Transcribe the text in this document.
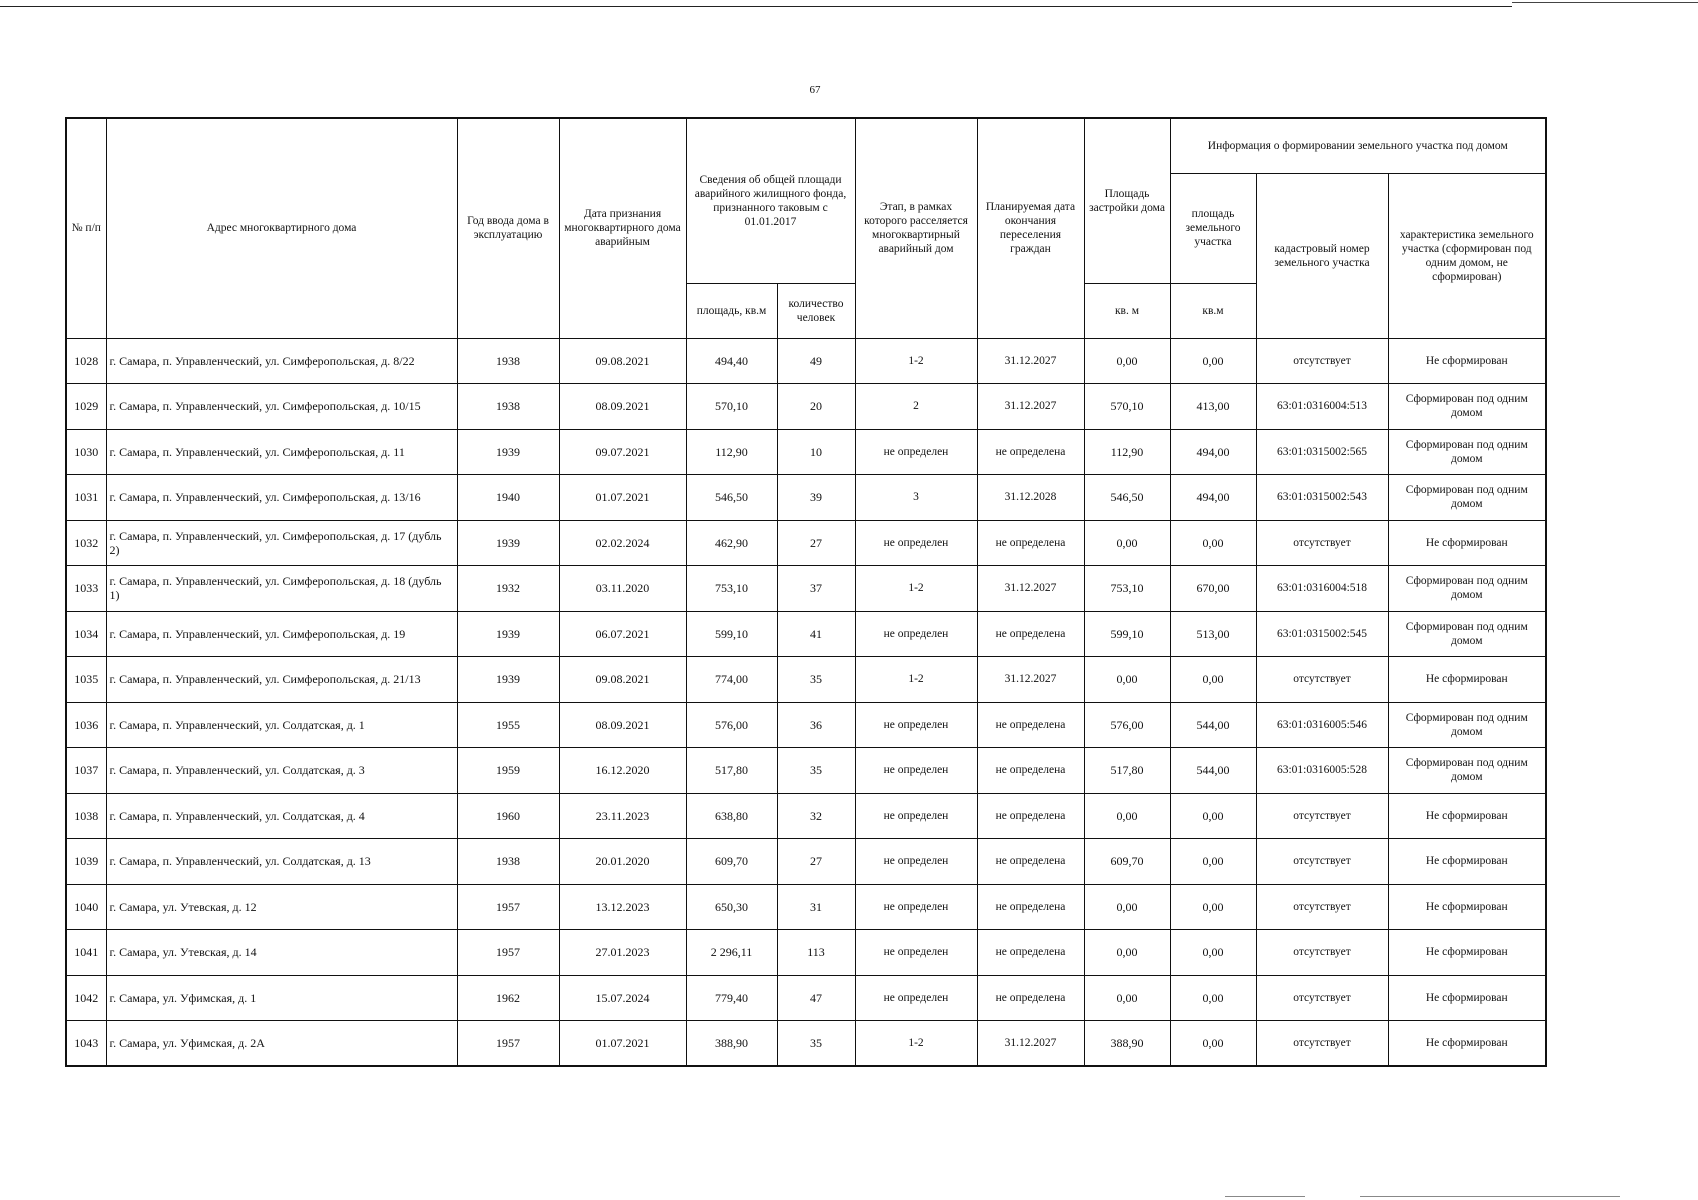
67
№ п/п	Адрес многоквартирного дома	Год ввода дома в эксплуатацию	Дата признания многоквартирного дома аварийным	Сведения об общей площади аварийного жилищного фонда, признанного таковым с 01.01.2017		Этап, в рамках которого расселяется многоквартирный аварийный дом	Планируемая дата окончания переселения граждан	Площадь застройки дома	Информация о формировании земельного участка под домом		
									площадь земельного участка	кадастровый номер земельного участка	характеристика земельного участка (сформирован под одним домом, не сформирован)
				площадь, кв.м	количество человек			кв. м	кв.м		
1028	г. Самара, п. Управленческий, ул. Симферопольская, д. 8/22	1938	09.08.2021	494,40	49	1-2	31.12.2027	0,00	0,00	отсутствует	Не сформирован
1029	г. Самара, п. Управленческий, ул. Симферопольская, д. 10/15	1938	08.09.2021	570,10	20	2	31.12.2027	570,10	413,00	63:01:0316004:513	Сформирован под одним домом
1030	г. Самара, п. Управленческий, ул. Симферопольская, д. 11	1939	09.07.2021	112,90	10	не определен	не определена	112,90	494,00	63:01:0315002:565	Сформирован под одним домом
1031	г. Самара, п. Управленческий, ул. Симферопольская, д. 13/16	1940	01.07.2021	546,50	39	3	31.12.2028	546,50	494,00	63:01:0315002:543	Сформирован под одним домом
1032	г. Самара, п. Управленческий, ул. Симферопольская, д. 17 (дубль 2)	1939	02.02.2024	462,90	27	не определен	не определена	0,00	0,00	отсутствует	Не сформирован
1033	г. Самара, п. Управленческий, ул. Симферопольская, д. 18 (дубль 1)	1932	03.11.2020	753,10	37	1-2	31.12.2027	753,10	670,00	63:01:0316004:518	Сформирован под одним домом
1034	г. Самара, п. Управленческий, ул. Симферопольская, д. 19	1939	06.07.2021	599,10	41	не определен	не определена	599,10	513,00	63:01:0315002:545	Сформирован под одним домом
1035	г. Самара, п. Управленческий, ул. Симферопольская, д. 21/13	1939	09.08.2021	774,00	35	1-2	31.12.2027	0,00	0,00	отсутствует	Не сформирован
1036	г. Самара, п. Управленческий, ул. Солдатская, д. 1	1955	08.09.2021	576,00	36	не определен	не определена	576,00	544,00	63:01:0316005:546	Сформирован под одним домом
1037	г. Самара, п. Управленческий, ул. Солдатская, д. 3	1959	16.12.2020	517,80	35	не определен	не определена	517,80	544,00	63:01:0316005:528	Сформирован под одним домом
1038	г. Самара, п. Управленческий, ул. Солдатская, д. 4	1960	23.11.2023	638,80	32	не определен	не определена	0,00	0,00	отсутствует	Не сформирован
1039	г. Самара, п. Управленческий, ул. Солдатская, д. 13	1938	20.01.2020	609,70	27	не определен	не определена	609,70	0,00	отсутствует	Не сформирован
1040	г. Самара, ул. Утевская, д. 12	1957	13.12.2023	650,30	31	не определен	не определена	0,00	0,00	отсутствует	Не сформирован
1041	г. Самара, ул. Утевская, д. 14	1957	27.01.2023	2 296,11	113	не определен	не определена	0,00	0,00	отсутствует	Не сформирован
1042	г. Самара, ул. Уфимская, д. 1	1962	15.07.2024	779,40	47	не определен	не определена	0,00	0,00	отсутствует	Не сформирован
1043	г. Самара, ул. Уфимская, д. 2А	1957	01.07.2021	388,90	35	1-2	31.12.2027	388,90	0,00	отсутствует	Не сформирован
